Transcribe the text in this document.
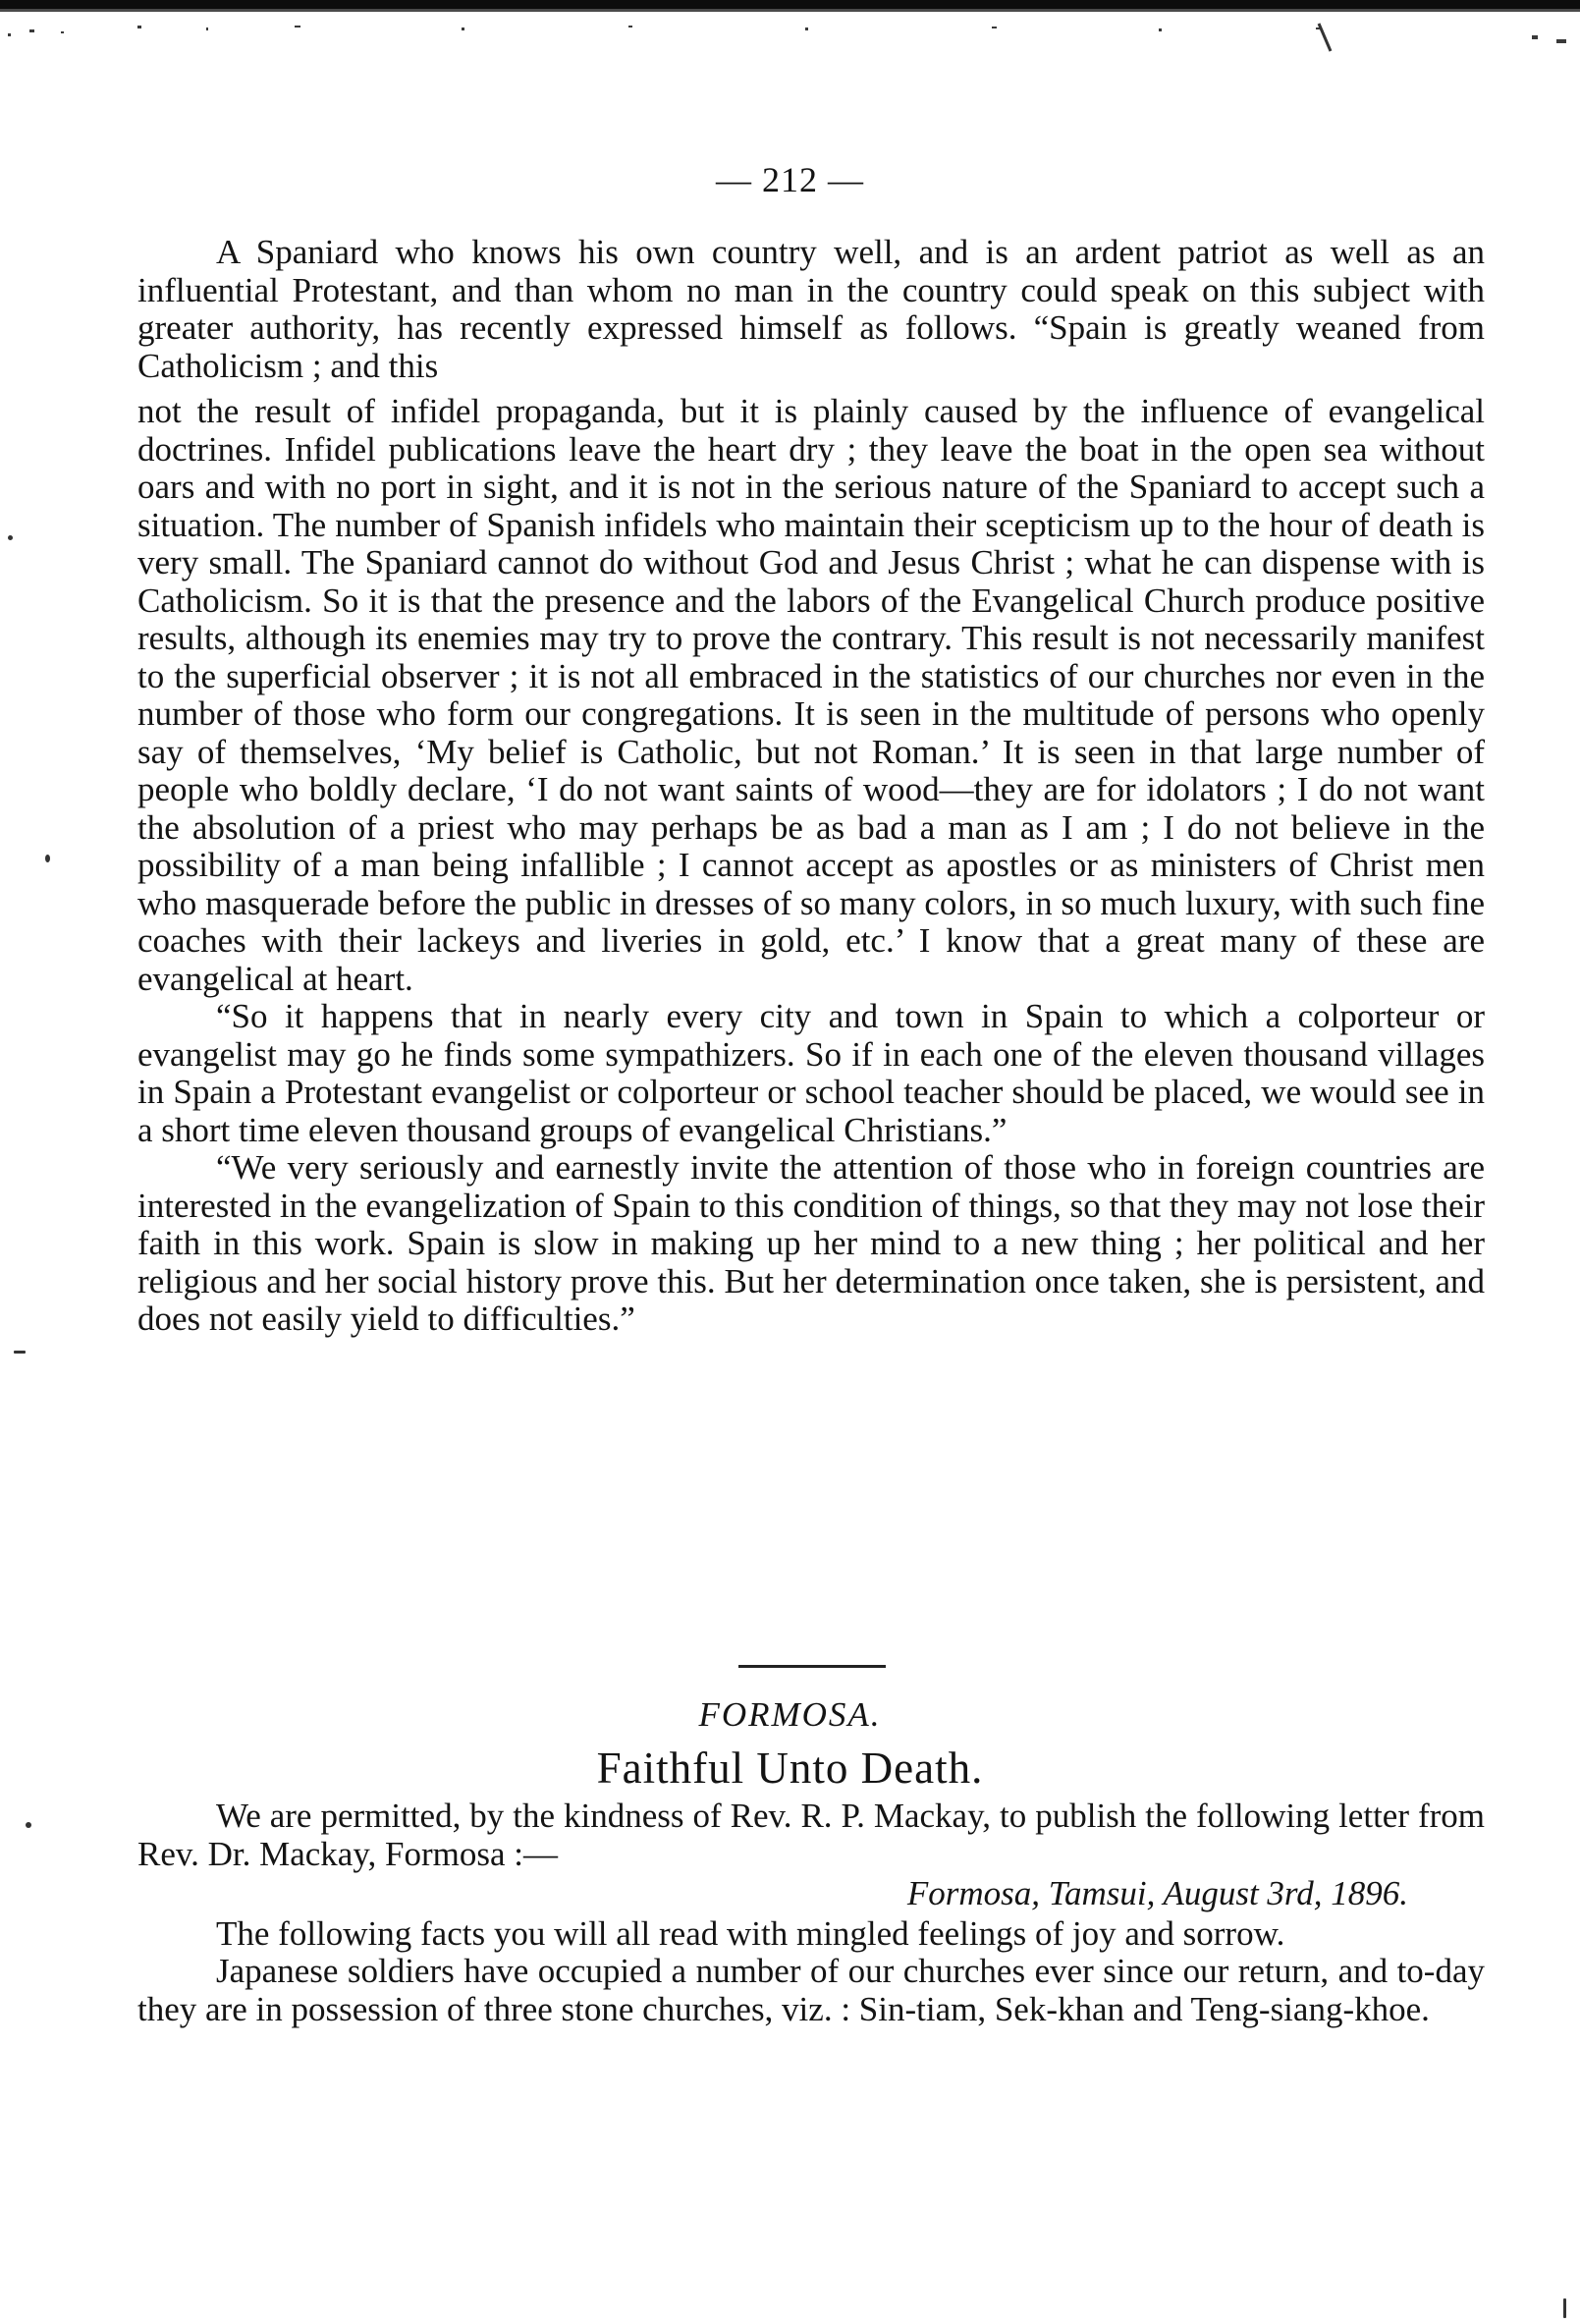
— 212 —

A Spaniard who knows his own country well, and is an ardent patriot as well as an influential Protestant, and than whom no man in the country could speak on this subject with greater authority, has recently expressed himself as follows. “Spain is greatly weaned from Catholicism ; and this

not the result of infidel propaganda, but it is plainly caused by the influence of evangelical doctrines. Infidel publications leave the heart dry ; they leave the boat in the open sea without oars and with no port in sight, and it is not in the serious nature of the Spaniard to accept such a situation. The number of Spanish infidels who maintain their scepticism up to the hour of death is very small. The Spaniard cannot do without God and Jesus Christ ; what he can dispense with is Catholicism. So it is that the presence and the labors of the Evangelical Church produce positive results, although its enemies may try to prove the contrary. This result is not necessarily manifest to the superficial observer ; it is not all embraced in the statistics of our churches nor even in the number of those who form our congregations. It is seen in the multitude of persons who openly say of themselves, ‘My belief is Catholic, but not Roman.’ It is seen in that large number of people who boldly declare, ‘I do not want saints of wood—they are for idolators ; I do not want the absolution of a priest who may perhaps be as bad a man as I am ; I do not believe in the possibility of a man being infallible ; I cannot accept as apostles or as ministers of Christ men who masquerade before the public in dresses of so many colors, in so much luxury, with such fine coaches with their lackeys and liveries in gold, etc.’ I know that a great many of these are evangelical at heart.

“So it happens that in nearly every city and town in Spain to which a colporteur or evangelist may go he finds some sympathizers. So if in each one of the eleven thousand villages in Spain a Protestant evangelist or colporteur or school teacher should be placed, we would see in a short time eleven thousand groups of evangelical Christians.”

“We very seriously and earnestly invite the attention of those who in foreign countries are interested in the evangelization of Spain to this condition of things, so that they may not lose their faith in this work. Spain is slow in making up her mind to a new thing ; her political and her religious and her social history prove this. But her determination once taken, she is persistent, and does not easily yield to difficulties.”

FORMOSA.
Faithful Unto Death.

We are permitted, by the kindness of Rev. R. P. Mackay, to publish the following letter from Rev. Dr. Mackay, Formosa :—

Formosa, Tamsui, August 3rd, 1896.

The following facts you will all read with mingled feelings of joy and sorrow.

Japanese soldiers have occupied a number of our churches ever since our return, and to-day they are in possession of three stone churches, viz. : Sin-tiam, Sek-khan and Teng-siang-khoe.
